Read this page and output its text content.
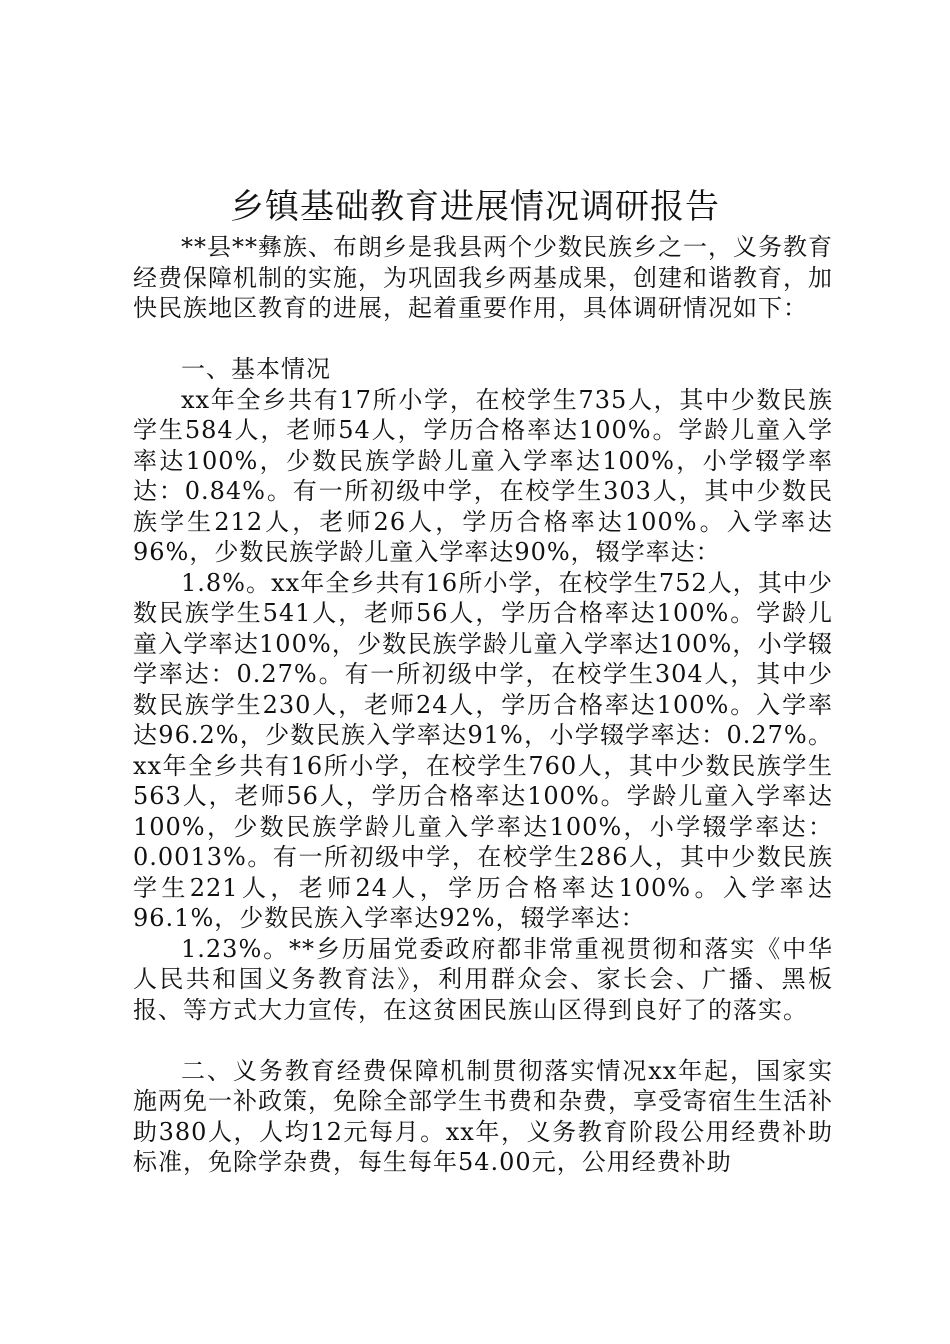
乡镇基础教育进展情况调研报告

**县**彝族、布朗乡是我县两个少数民族乡之一，义务教育经费保障机制的实施，为巩固我乡两基成果，创建和谐教育，加快民族地区教育的进展，起着重要作用，具体调研情况如下：

一、基本情况

xx年全乡共有17所小学，在校学生735人，其中少数民族学生584人，老师54人，学历合格率达100%。学龄儿童入学率达100%，少数民族学龄儿童入学率达100%，小学辍学率达：0.84%。有一所初级中学，在校学生303人，其中少数民族学生212人，老师26人，学历合格率达100%。入学率达96%，少数民族学龄儿童入学率达90%，辍学率达：

1.8%。xx年全乡共有16所小学，在校学生752人，其中少数民族学生541人，老师56人，学历合格率达100%。学龄儿童入学率达100%，少数民族学龄儿童入学率达100%，小学辍学率达：0.27%。有一所初级中学，在校学生304人，其中少数民族学生230人，老师24人，学历合格率达100%。入学率达96.2%，少数民族入学率达91%，小学辍学率达：0.27%。xx年全乡共有16所小学，在校学生760人，其中少数民族学生563人，老师56人，学历合格率达100%。学龄儿童入学率达100%，少数民族学龄儿童入学率达100%，小学辍学率达：0.0013%。有一所初级中学，在校学生286人，其中少数民族学生221人，老师24人，学历合格率达100%。入学率达96.1%，少数民族入学率达92%，辍学率达：

1.23%。**乡历届党委政府都非常重视贯彻和落实《中华人民共和国义务教育法》，利用群众会、家长会、广播、黑板报、等方式大力宣传，在这贫困民族山区得到良好了的落实。

二、义务教育经费保障机制贯彻落实情况xx年起，国家实施两免一补政策，免除全部学生书费和杂费，享受寄宿生生活补助380人，人均12元每月。xx年，义务教育阶段公用经费补助标准，免除学杂费，每生每年54.00元，公用经费补助
